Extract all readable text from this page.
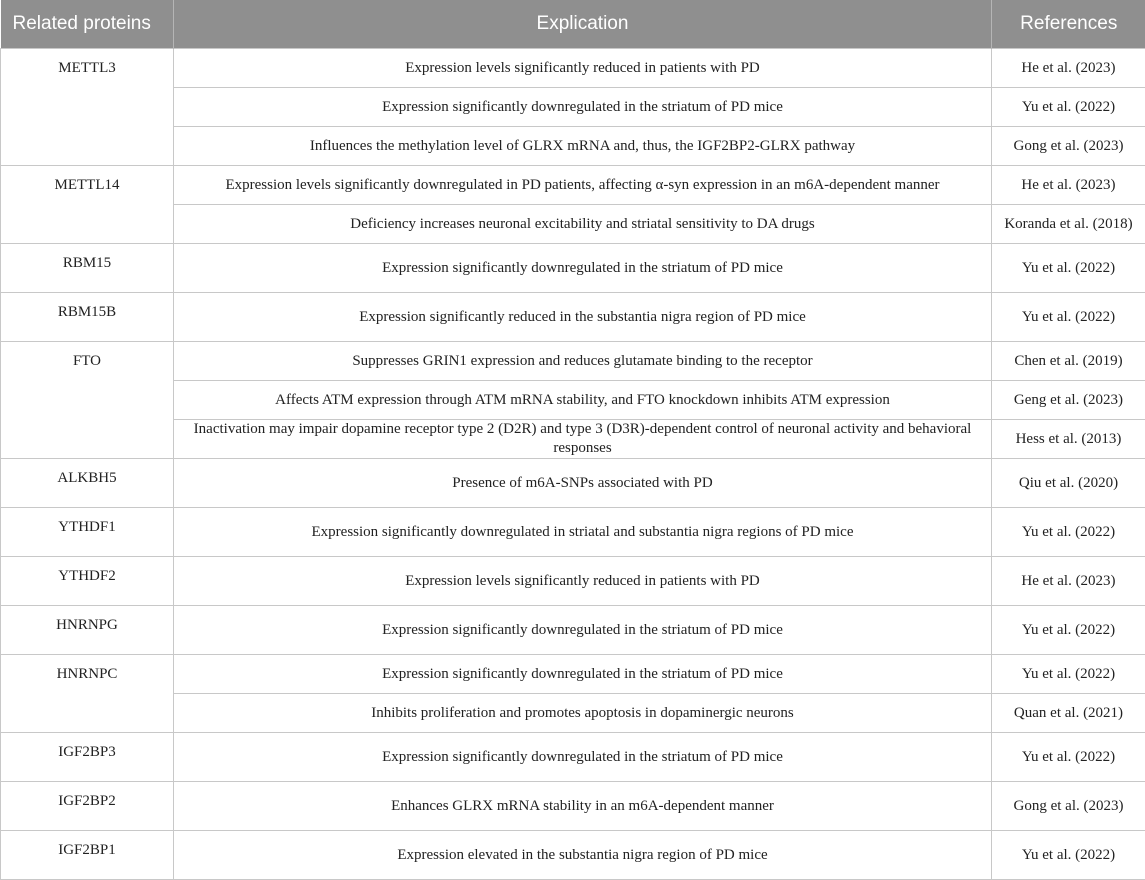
Related proteins	Explication	References
METTL3	Expression levels significantly reduced in patients with PD	He et al. (2023)
	Expression significantly downregulated in the striatum of PD mice	Yu et al. (2022)
	Influences the methylation level of GLRX mRNA and, thus, the IGF2BP2-GLRX pathway	Gong et al. (2023)
METTL14	Expression levels significantly downregulated in PD patients, affecting α-syn expression in an m6A-dependent manner	He et al. (2023)
	Deficiency increases neuronal excitability and striatal sensitivity to DA drugs	Koranda et al. (2018)
RBM15	Expression significantly downregulated in the striatum of PD mice	Yu et al. (2022)
RBM15B	Expression significantly reduced in the substantia nigra region of PD mice	Yu et al. (2022)
FTO	Suppresses GRIN1 expression and reduces glutamate binding to the receptor	Chen et al. (2019)
	Affects ATM expression through ATM mRNA stability, and FTO knockdown inhibits ATM expression	Geng et al. (2023)
	Inactivation may impair dopamine receptor type 2 (D2R) and type 3 (D3R)-dependent control of neuronal activity and behavioral responses	Hess et al. (2013)
ALKBH5	Presence of m6A-SNPs associated with PD	Qiu et al. (2020)
YTHDF1	Expression significantly downregulated in striatal and substantia nigra regions of PD mice	Yu et al. (2022)
YTHDF2	Expression levels significantly reduced in patients with PD	He et al. (2023)
HNRNPG	Expression significantly downregulated in the striatum of PD mice	Yu et al. (2022)
HNRNPC	Expression significantly downregulated in the striatum of PD mice	Yu et al. (2022)
	Inhibits proliferation and promotes apoptosis in dopaminergic neurons	Quan et al. (2021)
IGF2BP3	Expression significantly downregulated in the striatum of PD mice	Yu et al. (2022)
IGF2BP2	Enhances GLRX mRNA stability in an m6A-dependent manner	Gong et al. (2023)
IGF2BP1	Expression elevated in the substantia nigra region of PD mice	Yu et al. (2022)
